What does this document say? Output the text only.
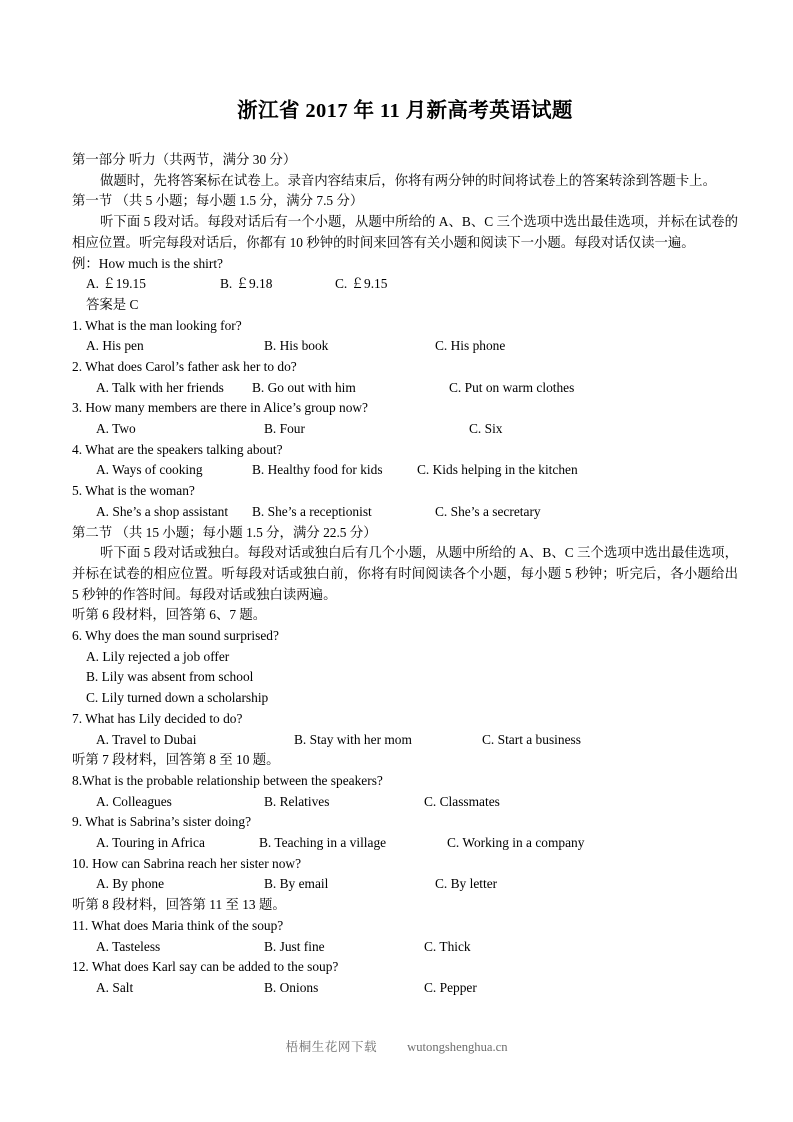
浙江省 2017 年 11 月新高考英语试题

第一部分 听力（共两节，满分 30 分）

做题时，先将答案标在试卷上。录音内容结束后，你将有两分钟的时间将试卷上的答案转涂到答题卡上。

第一节 （共 5 小题；每小题 1.5 分，满分 7.5 分）

听下面 5 段对话。每段对话后有一个小题，从题中所给的 A、B、C 三个选项中选出最佳选项，并标在试卷的相应位置。听完每段对话后，你都有 10 秒钟的时间来回答有关小题和阅读下一小题。每段对话仅读一遍。

例：How much is the shirt?

A. ￡19.15	B. ￡9.18	C. ￡9.15

答案是 C

1. What is the man looking for?

A. His pen	B. His book	C. His phone

2. What does Carol’s father ask her to do?

A. Talk with her friends B. Go out with him	C. Put on warm clothes

3. How many members are there in Alice’s group now?

A. Two	B. Four	C. Six

4. What are the speakers talking about?

A. Ways of cooking	B. Healthy food for kids	C. Kids helping in the kitchen

5. What is the woman?

A. She’s a shop assistant B. She’s a receptionist	C. She’s a secretary

第二节 （共 15 小题；每小题 1.5 分，满分 22.5 分）

听下面 5 段对话或独白。每段对话或独白后有几个小题，从题中所给的 A、B、C 三个选项中选出最佳选项，并标在试卷的相应位置。听每段对话或独白前，你将有时间阅读各个小题，每小题 5 秒钟；听完后，各小题给出 5 秒钟的作答时间。每段对话或独白读两遍。

听第 6 段材料，回答第 6、7 题。

6. Why does the man sound surprised?

A. Lily rejected a job offer

B. Lily was absent from school

C. Lily turned down a scholarship

7. What has Lily decided to do?

A. Travel to Dubai	B. Stay with her mom	C. Start a business

听第 7 段材料，回答第 8 至 10 题。

8.What is the probable relationship between the speakers?

A. Colleagues	B. Relatives	C. Classmates

9. What is Sabrina’s sister doing?

A. Touring in Africa	B. Teaching in a village	C. Working in a company

10. How can Sabrina reach her sister now?

A. By phone	B. By email	C. By letter

听第 8 段材料，回答第 11 至 13 题。

11. What does Maria think of the soup?

A. Tasteless	B. Just fine	C. Thick

12. What does Karl say can be added to the soup?

A. Salt	B. Onions	C. Pepper
梧桐生花网下载 wutongshenghua.cn
